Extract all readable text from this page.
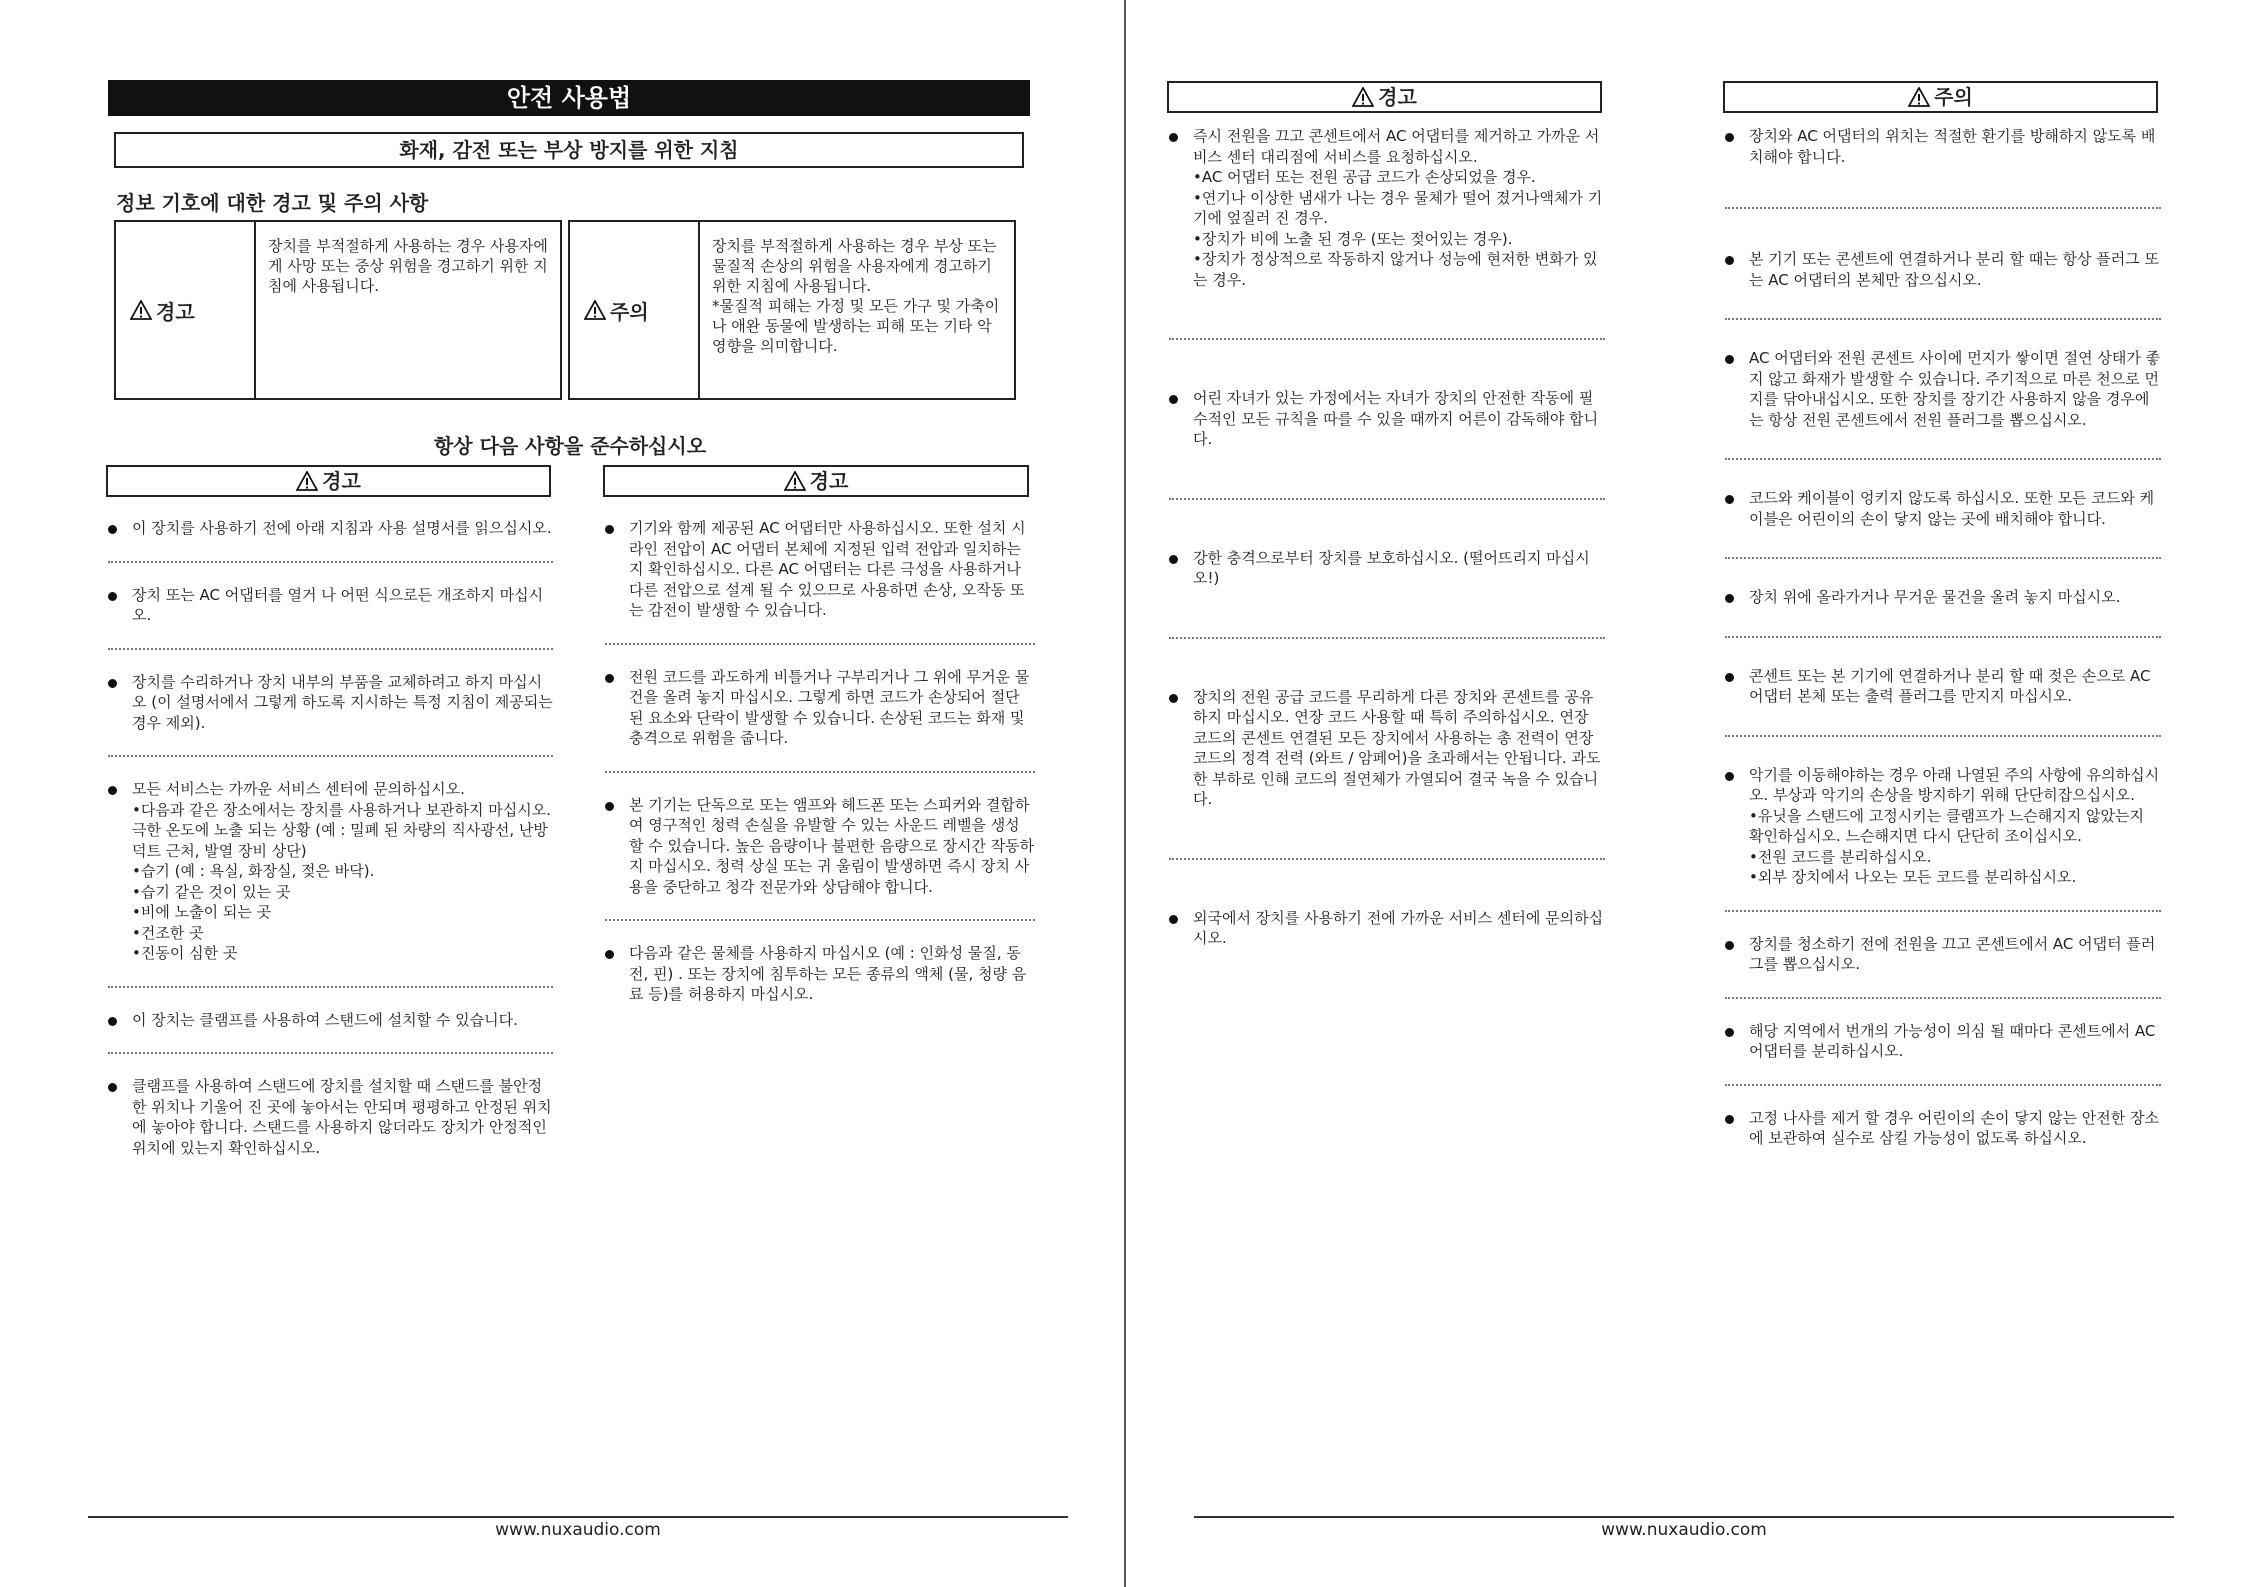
안전 사용법
화재, 감전 또는 부상 방지를 위한 지침
정보 기호에 대한 경고 및 주의 사항
경고
장치를 부적절하게 사용하는 경우 사용자에게 사망 또는 중상 위험을 경고하기 위한 지침에 사용됩니다.
주의
장치를 부적절하게 사용하는 경우 부상 또는 물질적 손상의 위험을 사용자에게 경고하기위한 지침에 사용됩니다.
*물질적 피해는 가정 및 모든 가구 및 가축이나 애완 동물에 발생하는 피해 또는 기타 악영향을 의미합니다.
항상 다음 사항을 준수하십시오
경고	경고
이 장치를 사용하기 전에 아래 지침과 사용 설명서를 읽으십시오.
장치 또는 AC 어댑터를 열거 나 어떤 식으로든 개조하지 마십시오.
장치를 수리하거나 장치 내부의 부품을 교체하려고 하지 마십시오 (이 설명서에서 그렇게 하도록 지시하는 특정 지침이 제공되는 경우 제외).
모든 서비스는 가까운 서비스 센터에 문의하십시오.
•다음과 같은 장소에서는 장치를 사용하거나 보관하지 마십시오.극한 온도에 노출 되는 상황 (예 : 밀폐 된 차량의 직사광선, 난방 덕트 근처, 발열 장비 상단)
•습기 (예 : 욕실, 화장실, 젖은 바닥).
•습기 같은 것이 있는 곳
•비에 노출이 되는 곳
•건조한 곳
•진동이 심한 곳
이 장치는 클램프를 사용하여 스탠드에 설치할 수 있습니다.
클램프를 사용하여 스탠드에 장치를 설치할 때 스탠드를 불안정한 위치나 기울어 진 곳에 놓아서는 안되며 평평하고 안정된 위치에 놓아야 합니다. 스탠드를 사용하지 않더라도 장치가 안정적인 위치에 있는지 확인하십시오.
기기와 함께 제공된 AC 어댑터만 사용하십시오. 또한 설치 시 라인 전압이 AC 어댑터 본체에 지정된 입력 전압과 일치하는지 확인하십시오. 다른 AC 어댑터는 다른 극성을 사용하거나 다른 전압으로 설계 될 수 있으므로 사용하면 손상, 오작동 또는 감전이 발생할 수 있습니다.
전원 코드를 과도하게 비틀거나 구부리거나 그 위에 무거운 물건을 올려 놓지 마십시오. 그렇게 하면 코드가 손상되어 절단 된 요소와 단락이 발생할 수 있습니다. 손상된 코드는 화재 및 충격으로 위험을 줍니다.
본 기기는 단독으로 또는 앰프와 헤드폰 또는 스피커와 결합하여 영구적인 청력 손실을 유발할 수 있는 사운드 레벨을 생성 할 수 있습니다. 높은 음량이나 불편한 음량으로 장시간 작동하지 마십시오. 청력 상실 또는 귀 울림이 발생하면 즉시 장치 사용을 중단하고 청각 전문가와 상담해야 합니다.
다음과 같은 물체를 사용하지 마십시오 (예 : 인화성 물질, 동전, 핀) . 또는 장치에 침투하는 모든 종류의 액체 (물, 청량 음료 등)를 허용하지 마십시오.
www.nuxaudio.com
경고	주의
즉시 전원을 끄고 콘센트에서 AC 어댑터를 제거하고 가까운 서비스 센터 대리점에 서비스를 요청하십시오.
•AC 어댑터 또는 전원 공급 코드가 손상되었을 경우.
•연기나 이상한 냄새가 나는 경우 물체가 떨어 졌거나액체가 기기에 엎질러 진 경우.
•장치가 비에 노출 된 경우 (또는 젖어있는 경우).
•장치가 정상적으로 작동하지 않거나 성능에 현저한 변화가 있는 경우.
어린 자녀가 있는 가정에서는 자녀가 장치의 안전한 작동에 필수적인 모든 규칙을 따를 수 있을 때까지 어른이 감독해야 합니다.
강한 충격으로부터 장치를 보호하십시오. (떨어뜨리지 마십시오!)
장치의 전원 공급 코드를 무리하게 다른 장치와 콘센트를 공유하지 마십시오. 연장 코드 사용할 때 특히 주의하십시오. 연장 코드의 콘센트 연결된 모든 장치에서 사용하는 총 전력이 연장 코드의 정격 전력 (와트 / 암페어)을 초과해서는 안됩니다. 과도한 부하로 인해 코드의 절연체가 가열되어 결국 녹을 수 있습니다.
외국에서 장치를 사용하기 전에 가까운 서비스 센터에 문의하십시오.
장치와 AC 어댑터의 위치는 적절한 환기를 방해하지 않도록 배치해야 합니다.
본 기기 또는 콘센트에 연결하거나 분리 할 때는 항상 플러그 또는 AC 어댑터의 본체만 잡으십시오.
AC 어댑터와 전원 콘센트 사이에 먼지가 쌓이면 절연 상태가 좋지 않고 화재가 발생할 수 있습니다. 주기적으로 마른 천으로 먼지를 닦아내십시오. 또한 장치를 장기간 사용하지 않을 경우에는 항상 전원 콘센트에서 전원 플러그를 뽑으십시오.
코드와 케이블이 엉키지 않도록 하십시오. 또한 모든 코드와 케이블은 어린이의 손이 닿지 않는 곳에 배치해야 합니다.
장치 위에 올라가거나 무거운 물건을 올려 놓지 마십시오.
콘센트 또는 본 기기에 연결하거나 분리 할 때 젖은 손으로 AC 어댑터 본체 또는 출력 플러그를 만지지 마십시오.
악기를 이동해야하는 경우 아래 나열된 주의 사항에 유의하십시오. 부상과 악기의 손상을 방지하기 위해 단단히잡으십시오.
•유닛을 스탠드에 고정시키는 클램프가 느슨해지지 않았는지 확인하십시오. 느슨해지면 다시 단단히 조이십시오.
•전원 코드를 분리하십시오.
•외부 장치에서 나오는 모든 코드를 분리하십시오.
장치를 청소하기 전에 전원을 끄고 콘센트에서 AC 어댑터 플러그를 뽑으십시오.
해당 지역에서 번개의 가능성이 의심 될 때마다 콘센트에서 AC 어댑터를 분리하십시오.
고정 나사를 제거 할 경우 어린이의 손이 닿지 않는 안전한 장소에 보관하여 실수로 삼킬 가능성이 없도록 하십시오.
www.nuxaudio.com
